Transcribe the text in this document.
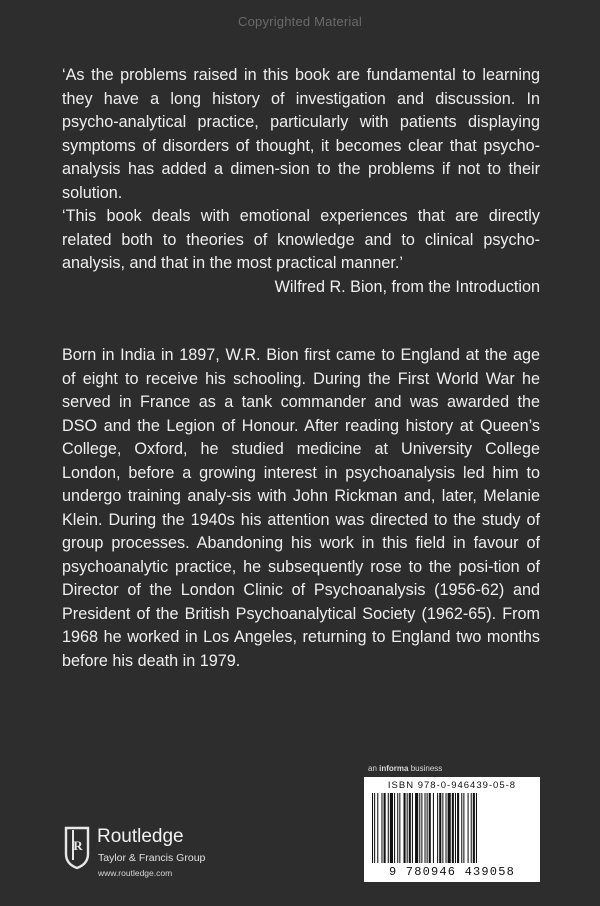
Copyrighted Material

‘As the problems raised in this book are fundamental to learning they have a long history of investigation and discussion. In psycho-analytical practice, particularly with patients displaying symptoms of disorders of thought, it becomes clear that psycho-analysis has added a dimen-sion to the problems if not to their solution.

‘This book deals with emotional experiences that are directly related both to theories of knowledge and to clinical psycho-analysis, and that in the most practical manner.’

Wilfred R. Bion, from the Introduction

Born in India in 1897, W.R. Bion first came to England at the age of eight to receive his schooling. During the First World War he served in France as a tank commander and was awarded the DSO and the Legion of Honour. After reading history at Queen’s College, Oxford, he studied medicine at University College London, before a growing interest in psychoanalysis led him to undergo training analy-sis with John Rickman and, later, Melanie Klein. During the 1940s his attention was directed to the study of group processes. Abandoning his work in this field in favour of psychoanalytic practice, he subsequently rose to the posi-tion of Director of the London Clinic of Psychoanalysis (1956-62) and President of the British Psychoanalytical Society (1962-65). From 1968 he worked in Los Angeles, returning to England two months before his death in 1979.

an informa business
ISBN 978-0-946439-05-8
9 780946 439058
R Routledge
Taylor & Francis Group
www.routledge.com
